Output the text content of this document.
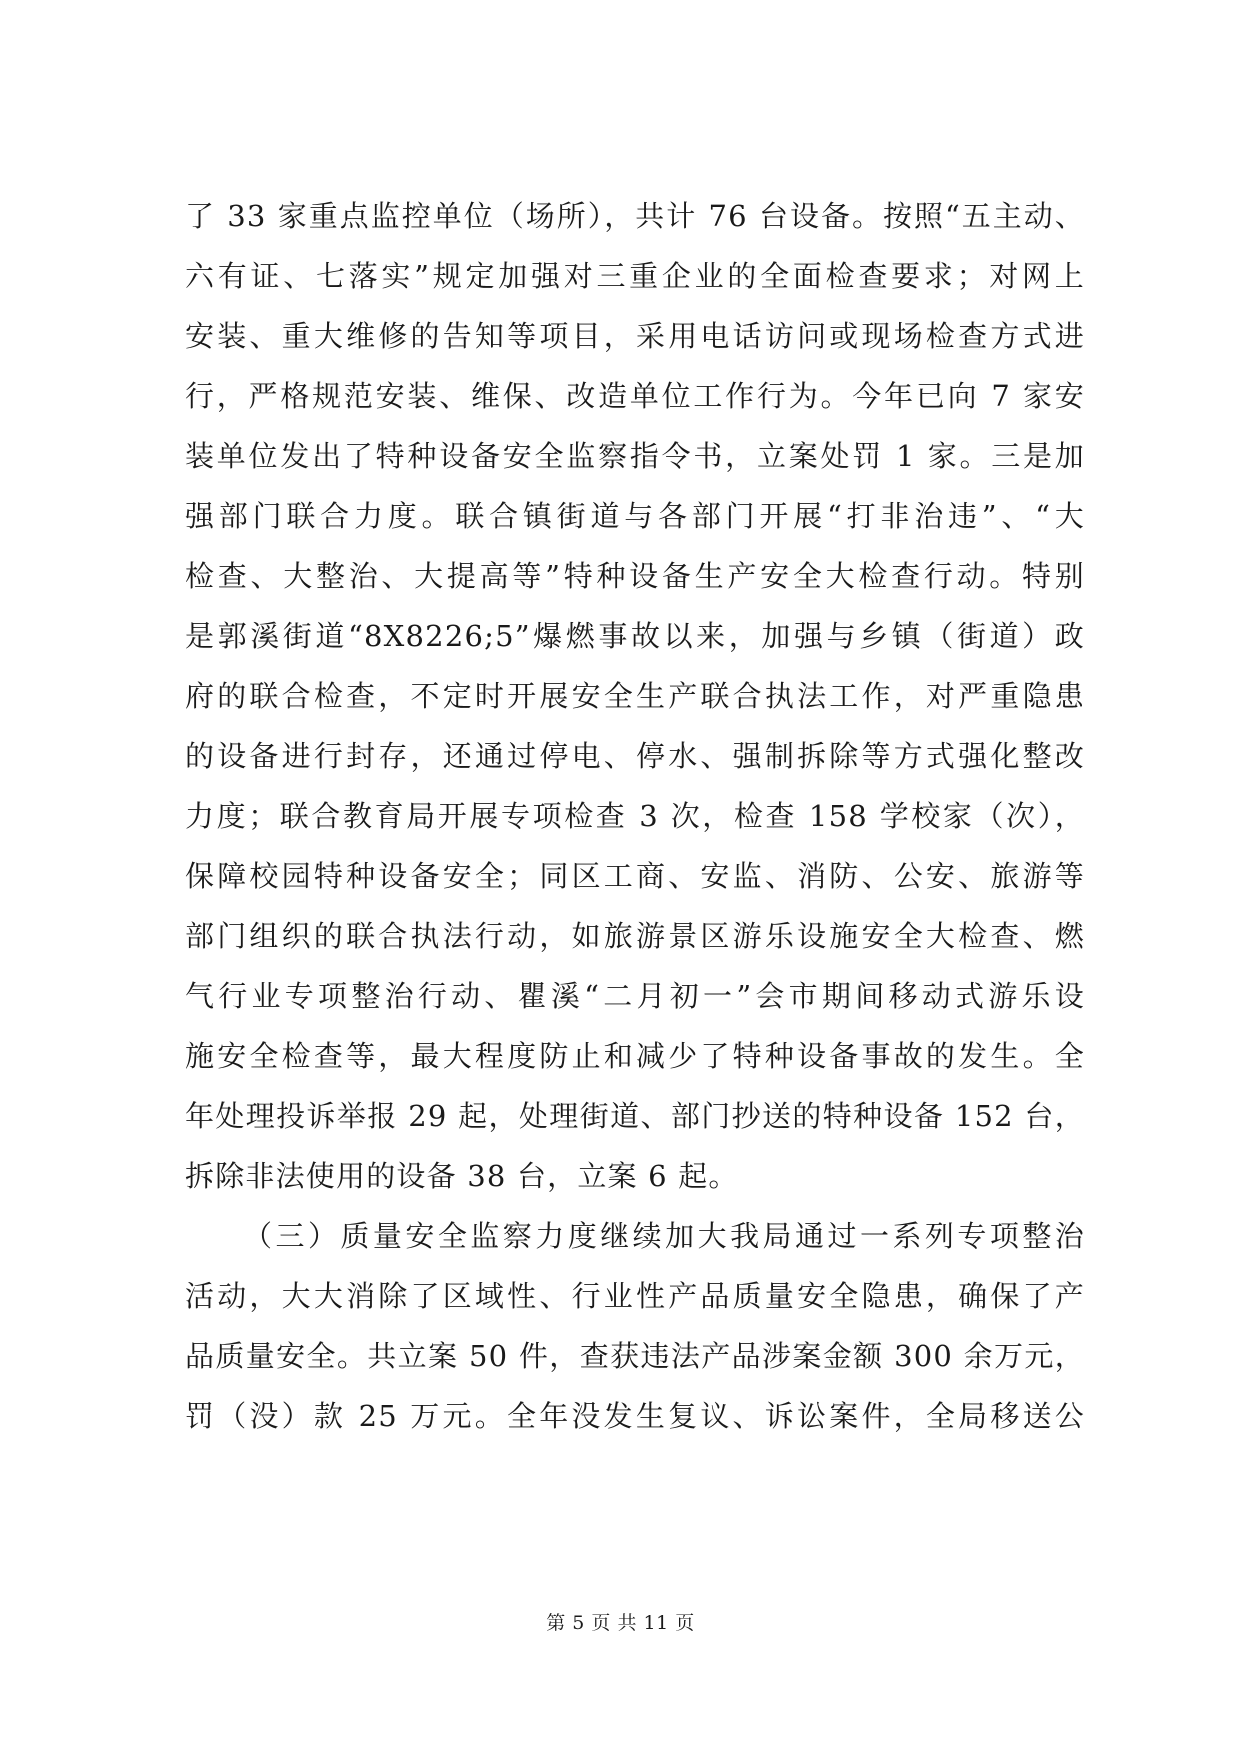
了 33 家重点监控单位（场所），共计 76 台设备。按照“五主动、
六有证、七落实”规定加强对三重企业的全面检查要求；对网上
安装、重大维修的告知等项目，采用电话访问或现场检查方式进
行，严格规范安装、维保、改造单位工作行为。今年已向 7 家安
装单位发出了特种设备安全监察指令书，立案处罚 1 家。三是加
强部门联合力度。联合镇街道与各部门开展“打非治违”、“大
检查、大整治、大提高等”特种设备生产安全大检查行动。特别
是郭溪街道“8X8226;5”爆燃事故以来，加强与乡镇（街道）政
府的联合检查，不定时开展安全生产联合执法工作，对严重隐患
的设备进行封存，还通过停电、停水、强制拆除等方式强化整改
力度；联合教育局开展专项检查 3 次，检查 158 学校家（次），
保障校园特种设备安全；同区工商、安监、消防、公安、旅游等
部门组织的联合执法行动，如旅游景区游乐设施安全大检查、燃
气行业专项整治行动、瞿溪“二月初一”会市期间移动式游乐设
施安全检查等，最大程度防止和减少了特种设备事故的发生。全
年处理投诉举报 29 起，处理街道、部门抄送的特种设备 152 台，
拆除非法使用的设备 38 台，立案 6 起。
（三）质量安全监察力度继续加大我局通过一系列专项整治
活动，大大消除了区域性、行业性产品质量安全隐患，确保了产
品质量安全。共立案 50 件，查获违法产品涉案金额 300 余万元，
罚（没）款 25 万元。全年没发生复议、诉讼案件，全局移送公
第 5 页 共 11 页
